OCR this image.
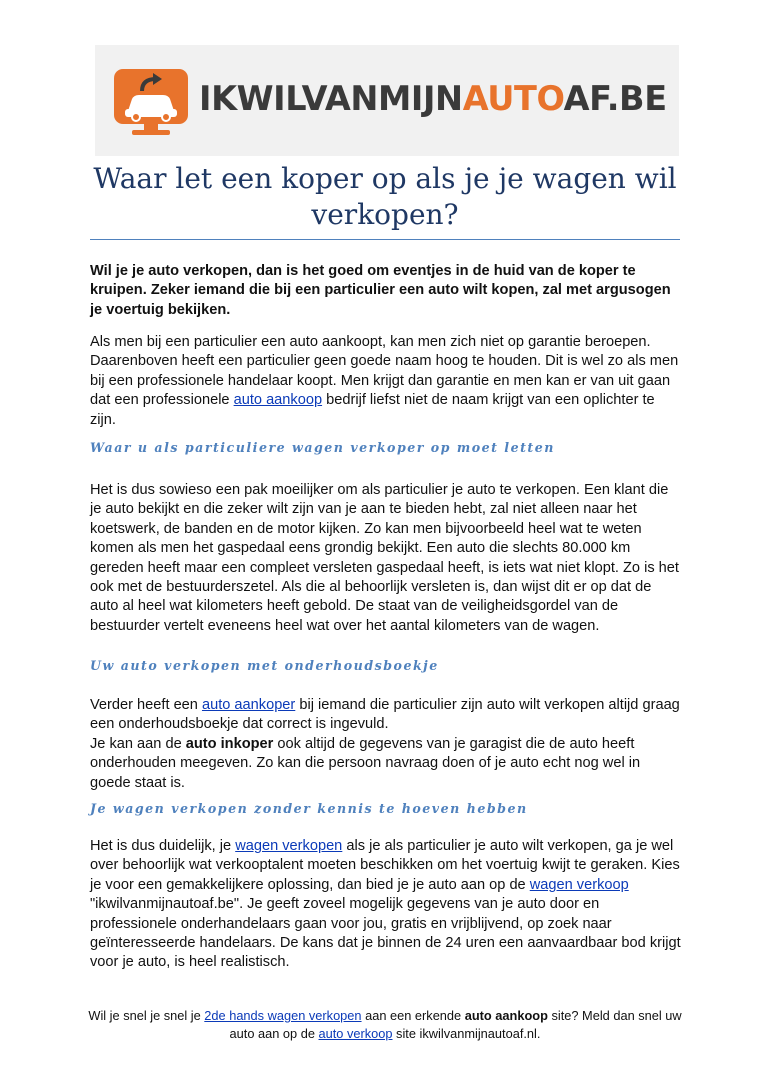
IKWILVANMIJNAUTOAF.BE
Waar let een koper op als je je wagen wil verkopen?

Wil je je auto verkopen, dan is het goed om eventjes in de huid van de koper te kruipen. Zeker iemand die bij een particulier een auto wilt kopen, zal met argusogen je voertuig bekijken.

Als men bij een particulier een auto aankoopt, kan men zich niet op garantie beroepen. Daarenboven heeft een particulier geen goede naam hoog te houden. Dit is wel zo als men bij een professionele handelaar koopt. Men krijgt dan garantie en men kan er van uit gaan dat een professionele auto aankoop bedrijf liefst niet de naam krijgt van een oplichter te zijn.

Waar u als particuliere wagen verkoper op moet letten

Het is dus sowieso een pak moeilijker om als particulier je auto te verkopen. Een klant die je auto bekijkt en die zeker wilt zijn van je aan te bieden hebt, zal niet alleen naar het koetswerk, de banden en de motor kijken. Zo kan men bijvoorbeeld heel wat te weten komen als men het gaspedaal eens grondig bekijkt. Een auto die slechts 80.000 km gereden heeft maar een compleet versleten gaspedaal heeft, is iets wat niet klopt. Zo is het ook met de bestuurderszetel. Als die al behoorlijk versleten is, dan wijst dit er op dat de auto al heel wat kilometers heeft gebold. De staat van de veiligheidsgordel van de bestuurder vertelt eveneens heel wat over het aantal kilometers van de wagen.

Uw auto verkopen met onderhoudsboekje

Verder heeft een auto aankoper bij iemand die particulier zijn auto wilt verkopen altijd graag een onderhoudsboekje dat correct is ingevuld.
Je kan aan de auto inkoper ook altijd de gegevens van je garagist die de auto heeft onderhouden meegeven. Zo kan die persoon navraag doen of je auto echt nog wel in goede staat is.

Je wagen verkopen zonder kennis te hoeven hebben

Het is dus duidelijk, je wagen verkopen als je als particulier je auto wilt verkopen, ga je wel over behoorlijk wat verkooptalent moeten beschikken om het voertuig kwijt te geraken. Kies je voor een gemakkelijkere oplossing, dan bied je je auto aan op de wagen verkoop "ikwilvanmijnautoaf.be". Je geeft zoveel mogelijk gegevens van je auto door en professionele onderhandelaars gaan voor jou, gratis en vrijblijvend, op zoek naar geïnteresseerde handelaars. De kans dat je binnen de 24 uren een aanvaardbaar bod krijgt voor je auto, is heel realistisch.

Wil je snel je snel je 2de hands wagen verkopen aan een erkende auto aankoop site? Meld dan snel uw auto aan op de auto verkoop site ikwilvanmijnautoaf.nl.
